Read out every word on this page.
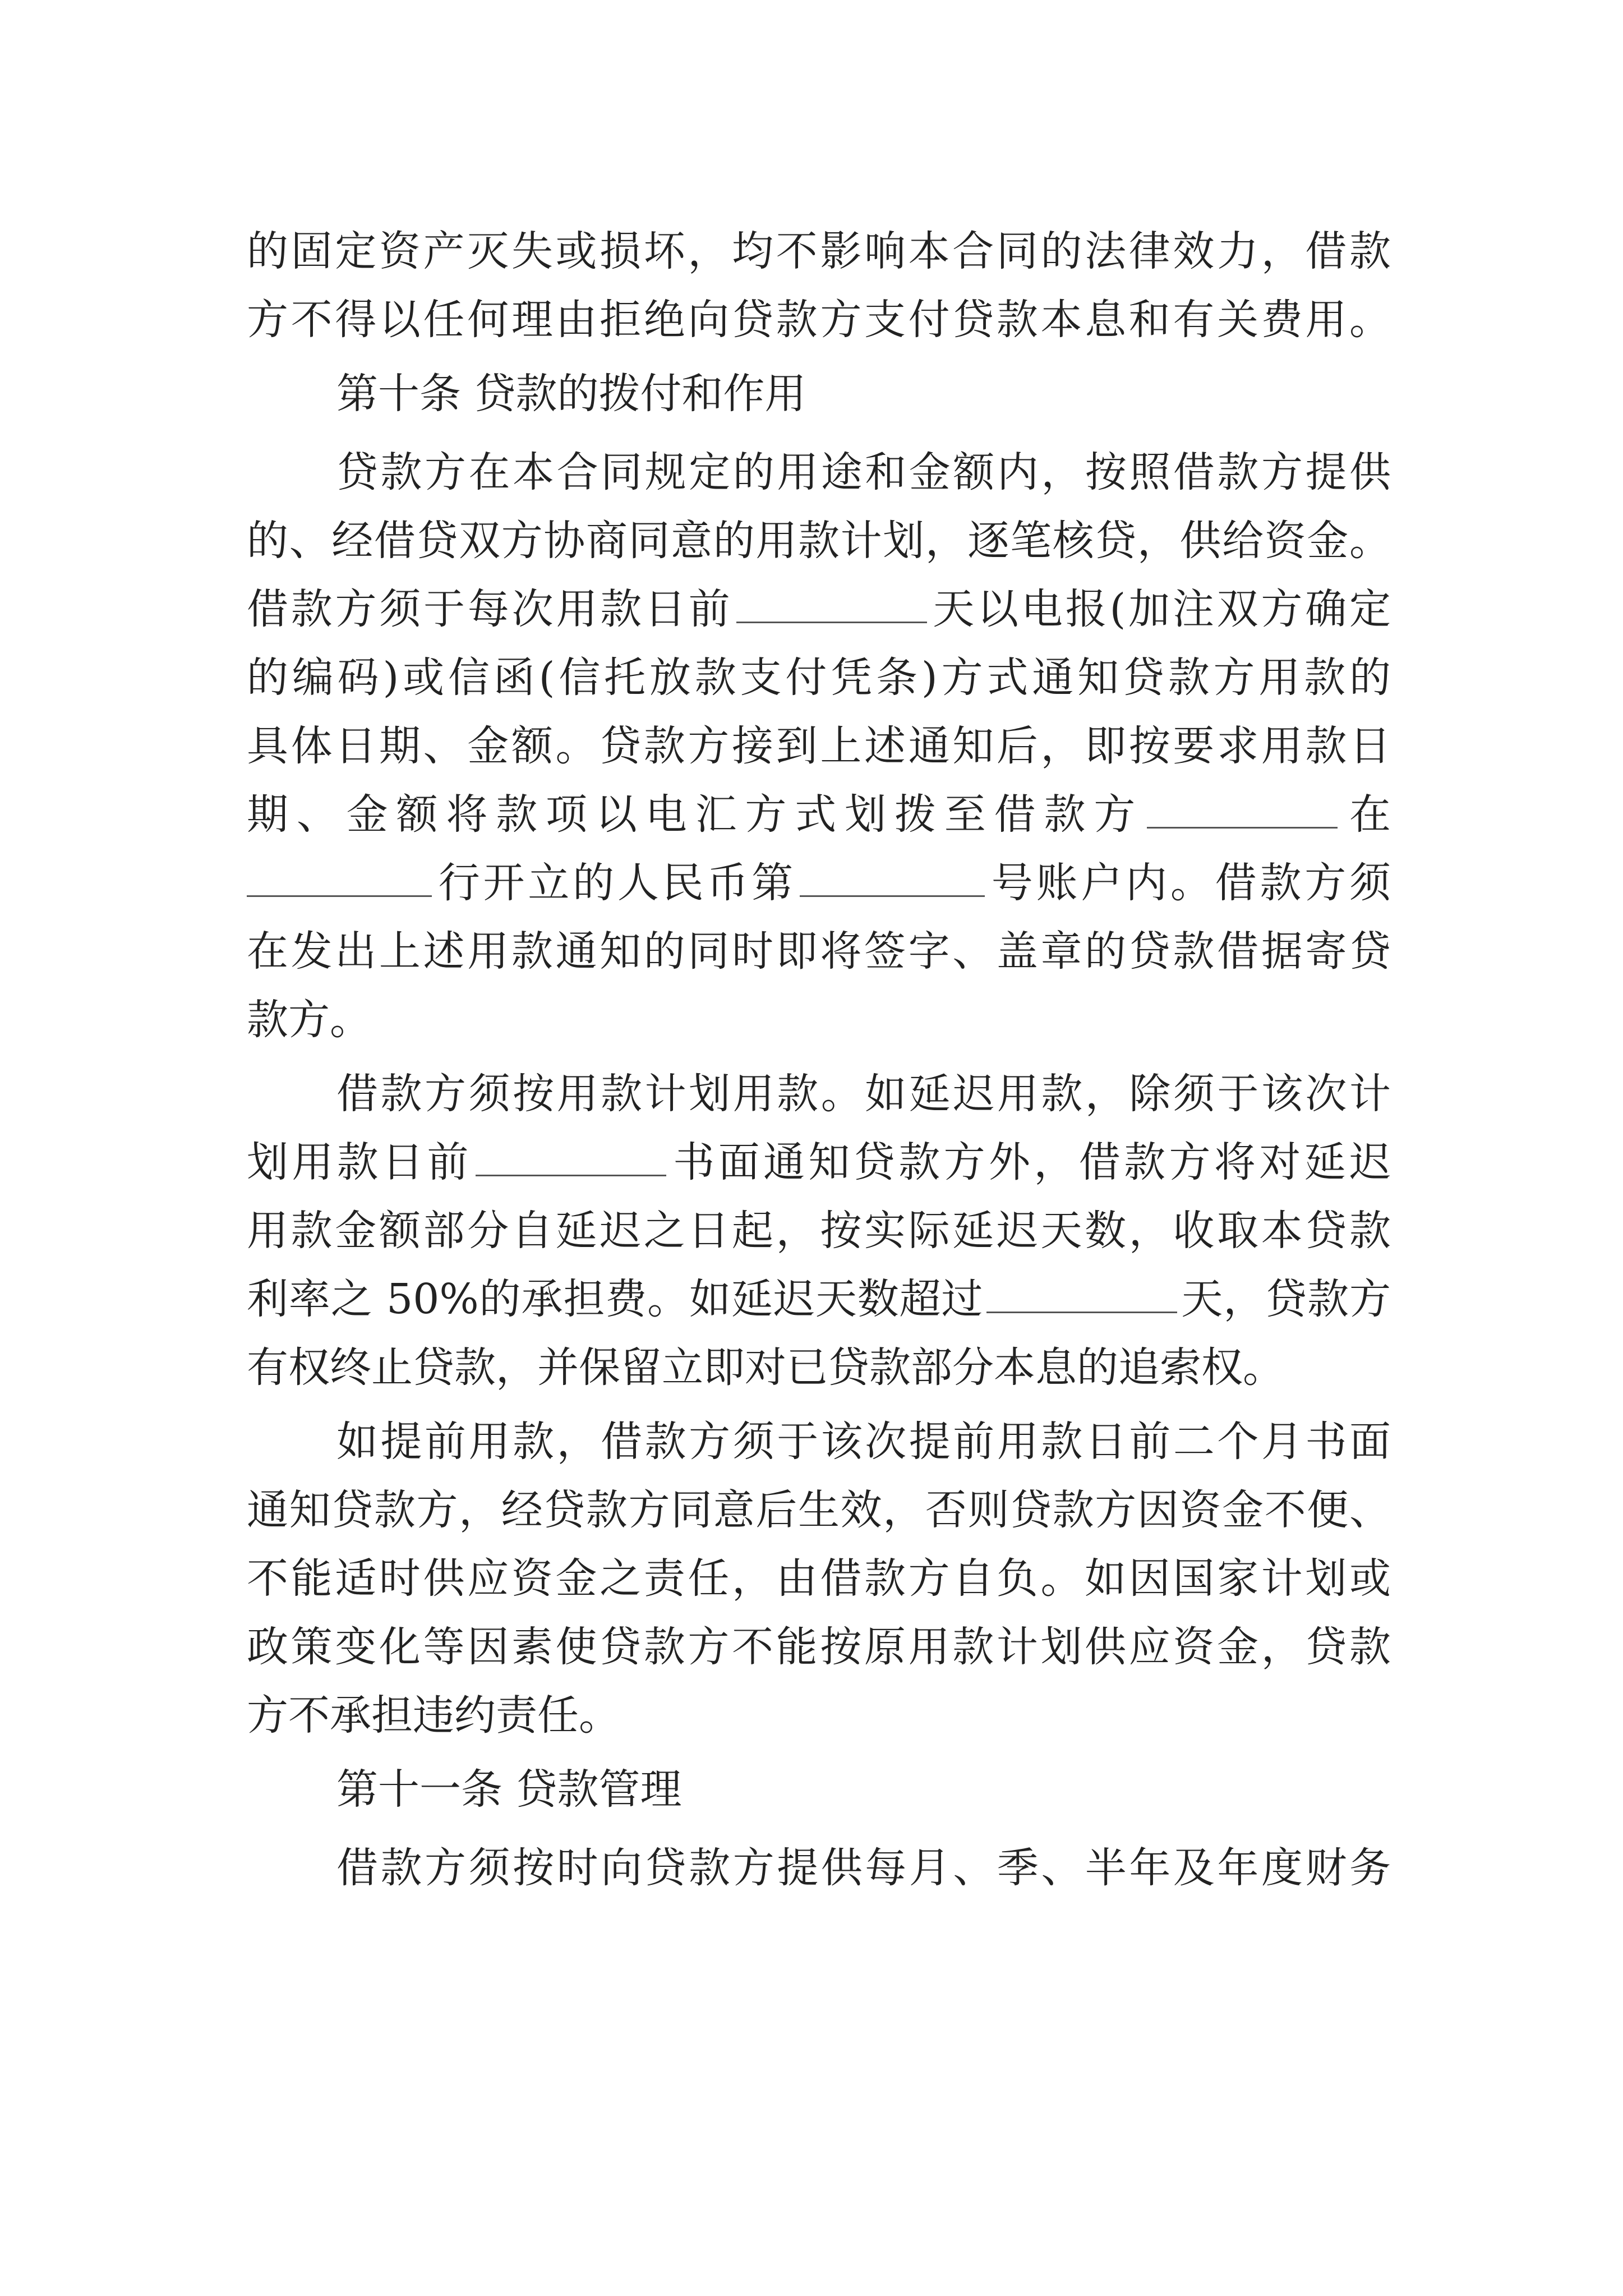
的固定资产灭失或损坏，均不影响本合同的法律效力，借款
方不得以任何理由拒绝向贷款方支付贷款本息和有关费用。
第十条 贷款的拨付和作用
贷款方在本合同规定的用途和金额内，按照借款方提供
的、经借贷双方协商同意的用款计划，逐笔核贷，供给资金。
借款方须于每次用款日前	天以电报(加注双方确定
的编码)或信函(信托放款支付凭条)方式通知贷款方用款的
具体日期、金额。贷款方接到上述通知后，即按要求用款日
期、金额将款项以电汇方式划拨至借款方	在
行开立的人民币第	号账户内。借款方须
在发出上述用款通知的同时即将签字、盖章的贷款借据寄贷
款方。
借款方须按用款计划用款。如延迟用款，除须于该次计
划用款日前	书面通知贷款方外，借款方将对延迟
用款金额部分自延迟之日起，按实际延迟天数，收取本贷款
利率之 50%的承担费。如延迟天数超过	天，贷款方
有权终止贷款，并保留立即对已贷款部分本息的追索权。
如提前用款，借款方须于该次提前用款日前二个月书面
通知贷款方，经贷款方同意后生效，否则贷款方因资金不便、
不能适时供应资金之责任，由借款方自负。如因国家计划或
政策变化等因素使贷款方不能按原用款计划供应资金，贷款
方不承担违约责任。
第十一条 贷款管理
借款方须按时向贷款方提供每月、季、半年及年度财务
